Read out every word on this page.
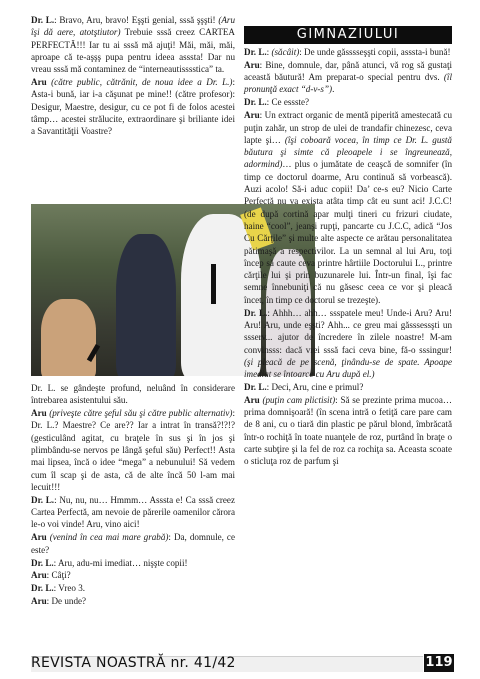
GIMNAZIULUI

Dr. L.: Bravo, Aru, bravo! Eşşti genial, sssă şşşti! (Aru îşi dă aere, atotştiutor) Trebuie sssă creez CARTEA PERFECTĂ!!! Iar tu ai sssă mă ajuţi! Măi, măi, măi, aproape că te-aşşş pupa pentru ideea asssta! Dar nu vreau sssă mă contaminez de “interneautisssstica” ta.

Aru (către public, cătrănit, de noua idee a Dr. L.): Asta-i bună, iar i-a căşunat pe mine!! (către profesor): Desigur, Maestre, desigur, cu ce pot fi de folos acestei tâmp… acestei strălucite, extraordinare şi briliante idei a Savantităţii Voastre?

Dr. L. se gândeşte profund, neluând în considerare întrebarea asistentului său.

Aru (priveşte către şeful său şi către public alternativ): Dr. L.? Maestre? Ce are?? Iar a intrat în transă?!?!? (gesticulând agitat, cu braţele în sus şi în jos şi plimbându-se nervos pe lângă şeful său) Perfect!! Asta mai lipsea, încă o idee “mega” a nebunului! Să vedem cum îl scap şi de asta, că de alte încă 50 l-am mai lecuit!!!

Dr. L.: Nu, nu, nu… Hmmm… Asssta e! Ca sssă creez Cartea Perfectă, am nevoie de părerile oamenilor cărora le-o voi vinde! Aru, vino aici!

Aru (venind în cea mai mare grabă): Da, domnule, ce este?

Dr. L.: Aru, adu-mi imediat… nişşte copii!

Aru: Câţi?

Dr. L.: Vreo 3.

Aru: De unde?

Dr. L.: (săcâit): De unde găsssseşşti copii, asssta-i bună!

Aru: Bine, domnule, dar, până atunci, vă rog să gustaţi această băutură! Am preparat-o special pentru dvs. (îl pronunţă exact “d-v-s”).

Dr. L.: Ce essste?

Aru: Un extract organic de mentă piperită amestecată cu puţin zahăr, un strop de ulei de trandafir chinezesc, ceva lapte şi… (îşi coboară vocea, în timp ce Dr. L. gustă băutura şi simte că pleoapele i se îngreunează, adormind)… plus o jumătate de ceaşcă de somnifer (în timp ce doctorul doarme, Aru continuă să vorbească). Auzi acolo! Să-i aduc copii! Da’ ce-s eu? Nicio Carte Perfectă nu va exista atâta timp cât eu sunt aci! J.C.C! (de după cortină apar mulţi tineri cu frizuri ciudate, haine “cool”, jeanşi rupţi, pancarte cu J.C.C, adică “Jos Cu Cărţile” şi multe alte aspecte ce arătau personalitatea pătimaşă a respectivilor. La un semnal al lui Aru, toţi încep să caute ceva printre hârtiile Doctorului L., printre cărţile lui şi prin buzunarele lui. Într-un final, îşi fac semne înnebuniţi că nu găsesc ceea ce vor şi pleacă încet, în timp ce doctorul se trezeşte).

Dr. L.: Ahhh… ahh… ssspatele meu! Unde-i Aru? Aru! Aru! Aru, unde eşşti? Ahh... ce greu mai găsssessşti un ssserv... ajutor de încredere în zilele noastre! M-am convinsss: dacă vrei sssă faci ceva bine, fă-o sssingur! (şi pleacă de pe scenă, ţinându-se de spate. Apoape imediat se întoarce cu Aru după el.)

Dr. L.: Deci, Aru, cine e primul?

Aru (puţin cam plictisit): Să se prezinte prima mucoa… prima domnişoară! (în scena intră o fetiţă care pare cam de 8 ani, cu o tiară din plastic pe părul blond, îmbrăcată într-o rochiţă în toate nuanţele de roz, purtând în braţe o carte subţire şi la fel de roz ca rochiţa sa. Aceasta scoate o sticluţa roz de parfum şi

REVISTA NOASTRĂ nr. 41/42	119
